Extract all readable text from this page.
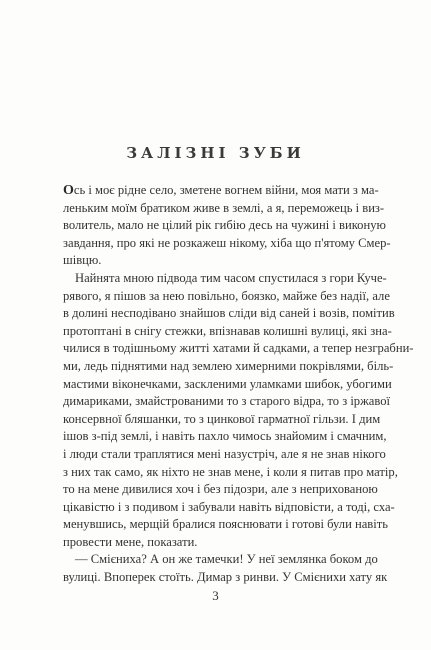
ЗАЛІЗНІ ЗУБИ
Ось і моє рідне село, зметене вогнем війни, моя мати з ма-
леньким моїм братиком живе в землі, а я, переможець і виз-
волитель, мало не цілий рік гибію десь на чужині і виконую
завдання, про які не розкажеш нікому, хіба що п'ятому Смер-
шівцю.
Найнята мною підвода тим часом спустилася з гори Куче-
рявого, я пішов за нею повільно, боязко, майже без надії, але
в долині несподівано знайшов сліди від саней і возів, помітив
протоптані в снігу стежки, впізнавав колишні вулиці, які зна-
чилися в тодішньому житті хатами й садками, а тепер незграбни-
ми, ледь піднятими над землею химерними покрівлями, біль-
мастими віконечками, засклeними уламками шибок, убогими
димариками, змайстрованими то з старого відра, то з іржавої
консервної бляшанки, то з цинкової гарматної гільзи. І дим
ішов з-під землі, і навіть пахло чимось знайомим і смачним,
і люди стали траплятися мені назустріч, але я не знав нікого
з них так само, як ніхто не знав мене, і коли я питав про матір,
то на мене дивилися хоч і без підозри, але з неприхованою
цікавістю і з подивом і забували навіть відповісти, а тоді, сха-
менувшись, мерщій бралися пояснювати і готові були навіть
провести мене, показати.
— Смієниха? А он же тамечки! У неї землянка боком до
вулиці. Впоперек стоїть. Димар з ринви. У Смієнихи хату як
3
